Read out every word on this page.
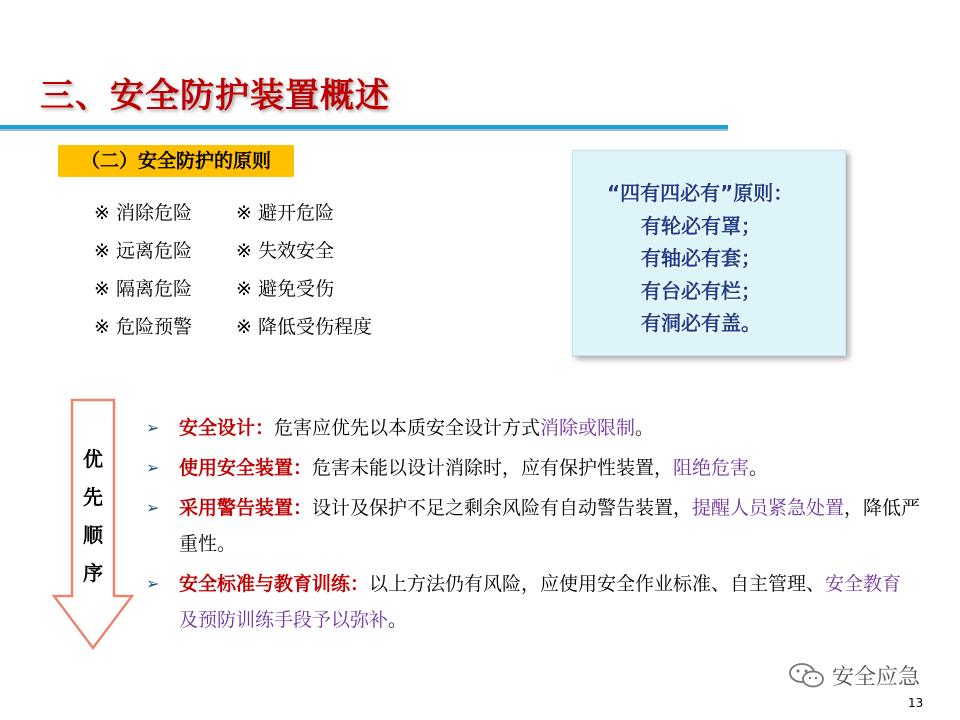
三、安全防护装置概述
（二）安全防护的原则
※ 消除危险	※ 避开危险
※ 远离危险	※ 失效安全
※ 隔离危险	※ 避免受伤
※ 危险预警	※ 降低受伤程度
“四有四必有”原则：
有轮必有罩；
有轴必有套；
有台必有栏；
有洞必有盖。
优
先
顺
序
➢ 安全设计：危害应优先以本质安全设计方式消除或限制。
➢ 使用安全装置：危害未能以设计消除时，应有保护性装置，阻绝危害。
➢ 采用警告装置：设计及保护不足之剩余风险有自动警告装置，提醒人员紧急处置，降低严重性。
➢ 安全标准与教育训练：以上方法仍有风险，应使用安全作业标准、自主管理、安全教育及预防训练手段予以弥补。
安全应急
13
